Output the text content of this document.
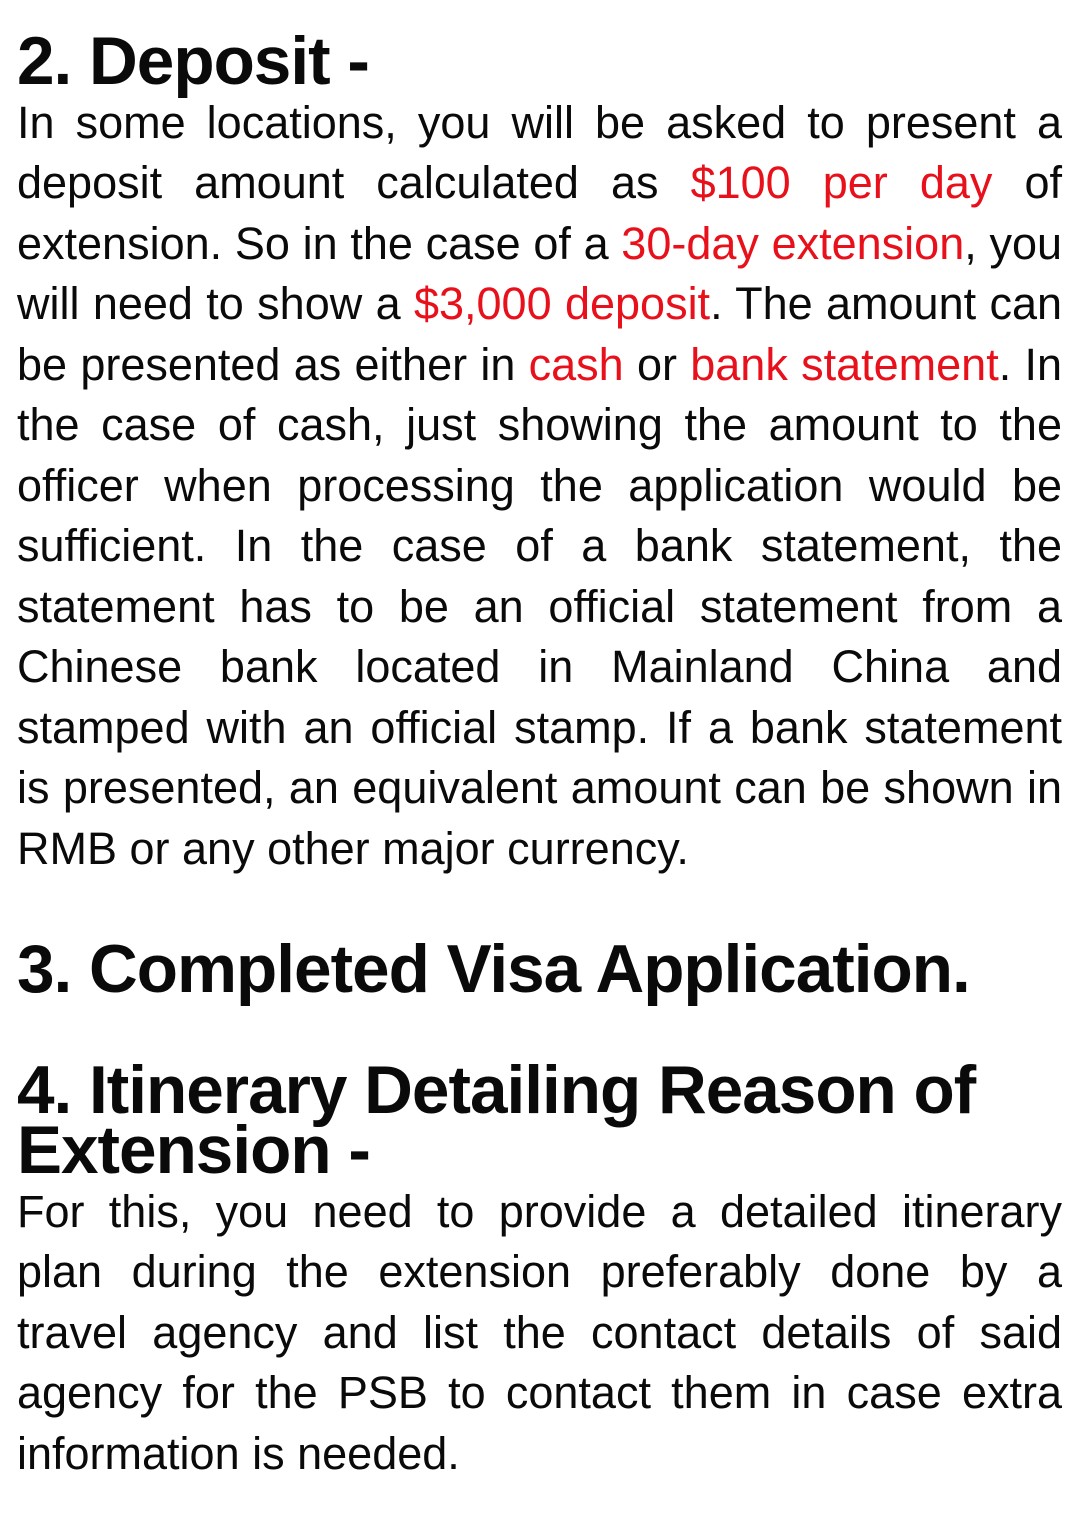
2. Deposit -

In some locations, you will be asked to present a deposit amount calculated as $100 per day of extension. So in the case of a 30-day extension, you will need to show a $3,000 deposit. The amount can be presented as either in cash or bank statement. In the case of cash, just showing the amount to the officer when processing the application would be sufficient. In the case of a bank statement, the statement has to be an official statement from a Chinese bank located in Mainland China and stamped with an official stamp. If a bank statement is presented, an equivalent amount can be shown in RMB or any other major currency.

3. Completed Visa Application.
4. Itinerary Detailing Reason of Extension -

For this, you need to provide a detailed itinerary plan during the extension preferably done by a travel agency and list the contact details of said agency for the PSB to contact them in case extra information is needed.
